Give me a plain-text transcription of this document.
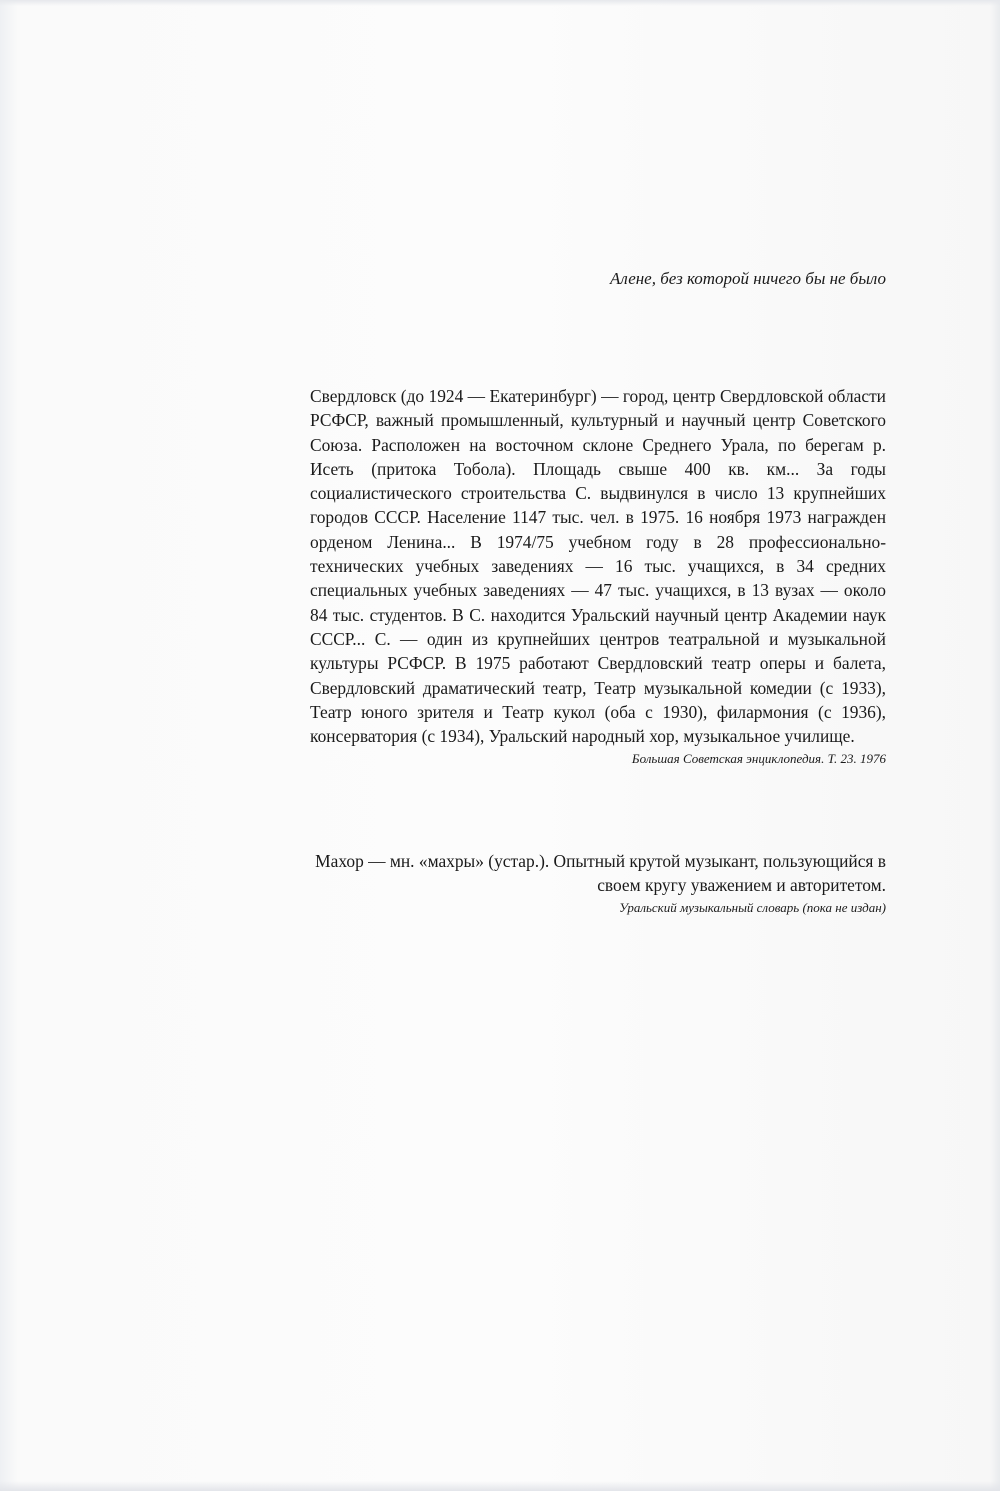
Алене, без которой ничего бы не было

Свердловск (до 1924 — Екатеринбург) — город, центр Свердловской области РСФСР, важный промышленный, культурный и научный центр Советского Союза. Расположен на восточном склоне Среднего Урала, по берегам р. Исеть (притока Тобола). Площадь свыше 400 кв. км... За годы социалистического строительства С. выдвинулся в число 13 крупнейших городов СССР. Население 1147 тыс. чел. в 1975. 16 ноября 1973 награжден орденом Ленина... В 1974/75 учебном году в 28 профессионально-технических учебных заведениях — 16 тыс. учащихся, в 34 средних специальных учебных заведениях — 47 тыс. учащихся, в 13 вузах — около 84 тыс. студентов. В С. находится Уральский научный центр Академии наук СССР... С. — один из крупнейших центров театральной и музыкальной культуры РСФСР. В 1975 работают Свердловский театр оперы и балета, Свердловский драматический театр, Театр музыкальной комедии (с 1933), Театр юного зрителя и Театр кукол (оба с 1930), филармония (с 1936), консерватория (с 1934), Уральский народный хор, музыкальное училище.

Большая Советская энциклопедия. Т. 23. 1976

Махор — мн. «махры» (устар.). Опытный крутой музыкант, пользующийся в своем кругу уважением и авторитетом.

Уральский музыкальный словарь (пока не издан)
